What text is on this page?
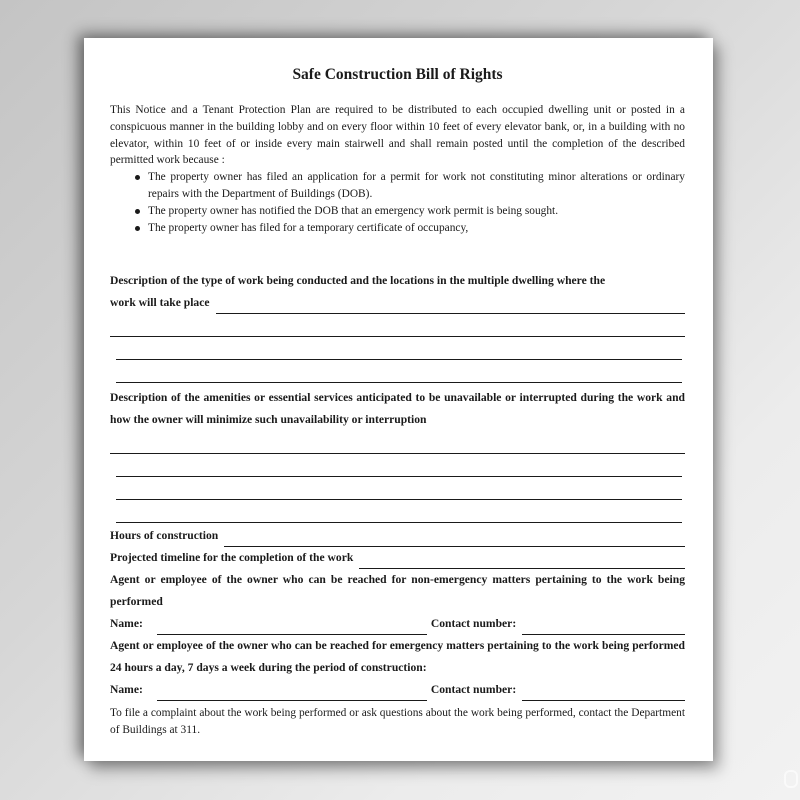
Safe Construction Bill of Rights

This Notice and a Tenant Protection Plan are required to be distributed to each occupied dwelling unit or posted in a conspicuous manner in the building lobby and on every floor within 10 feet of every elevator bank, or, in a building with no elevator, within 10 feet of or inside every main stairwell and shall remain posted until the completion of the described permitted work because :

The property owner has filed an application for a permit for work not constituting minor alterations or ordinary repairs with the Department of Buildings (DOB).
The property owner has notified the DOB that an emergency work permit is being sought.
The property owner has filed for a temporary certificate of occupancy,

Description of the type of work being conducted and the locations in the multiple dwelling where the

work will take place

Description of the amenities or essential services anticipated to be unavailable or interrupted during the work and how the owner will minimize such unavailability or interruption

Hours of construction
Projected timeline for the completion of the work

Agent or employee of the owner who can be reached for non-emergency matters pertaining to the work being performed

Name:	Contact number:

Agent or employee of the owner who can be reached for emergency matters pertaining to the work being performed 24 hours a day, 7 days a week during the period of construction:

Name:	Contact number:

To file a complaint about the work being performed or ask questions about the work being performed, contact the Department of Buildings at 311.
